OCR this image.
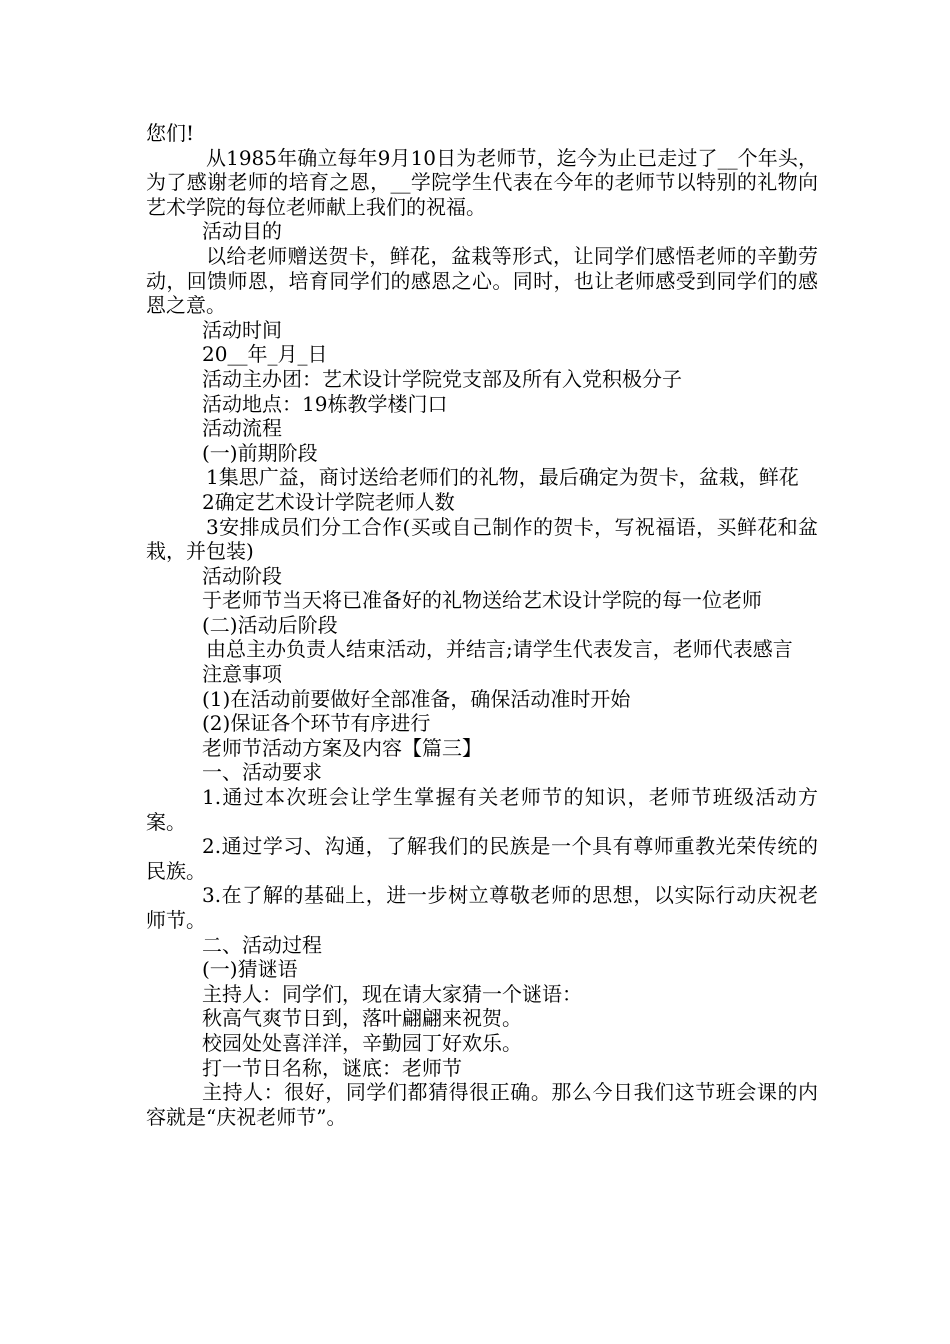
您们!

从1985年确立每年9月10日为老师节，迄今为止已走过了__个年头，为了感谢老师的培育之恩，__学院学生代表在今年的老师节以特别的礼物向艺术学院的每位老师献上我们的祝福。

活动目的

以给老师赠送贺卡，鲜花，盆栽等形式，让同学们感悟老师的辛勤劳动，回馈师恩，培育同学们的感恩之心。同时，也让老师感受到同学们的感恩之意。

活动时间

20__年_月_日

活动主办团：艺术设计学院党支部及所有入党积极分子

活动地点：19栋教学楼门口

活动流程

(一)前期阶段

1集思广益，商讨送给老师们的礼物，最后确定为贺卡，盆栽，鲜花

2确定艺术设计学院老师人数

3安排成员们分工合作(买或自己制作的贺卡，写祝福语，买鲜花和盆栽，并包装)

活动阶段

于老师节当天将已准备好的礼物送给艺术设计学院的每一位老师

(二)活动后阶段

由总主办负责人结束活动，并结言;请学生代表发言，老师代表感言

注意事项

(1)在活动前要做好全部准备，确保活动准时开始

(2)保证各个环节有序进行

老师节活动方案及内容【篇三】

一、活动要求

1.通过本次班会让学生掌握有关老师节的知识，老师节班级活动方案。

2.通过学习、沟通，了解我们的民族是一个具有尊师重教光荣传统的民族。

3.在了解的基础上，进一步树立尊敬老师的思想，以实际行动庆祝老师节。

二、活动过程

(一)猜谜语

主持人：同学们，现在请大家猜一个谜语：

秋高气爽节日到，落叶翩翩来祝贺。

校园处处喜洋洋，辛勤园丁好欢乐。

打一节日名称，谜底：老师节

主持人：很好，同学们都猜得很正确。那么今日我们这节班会课的内容就是“庆祝老师节”。
